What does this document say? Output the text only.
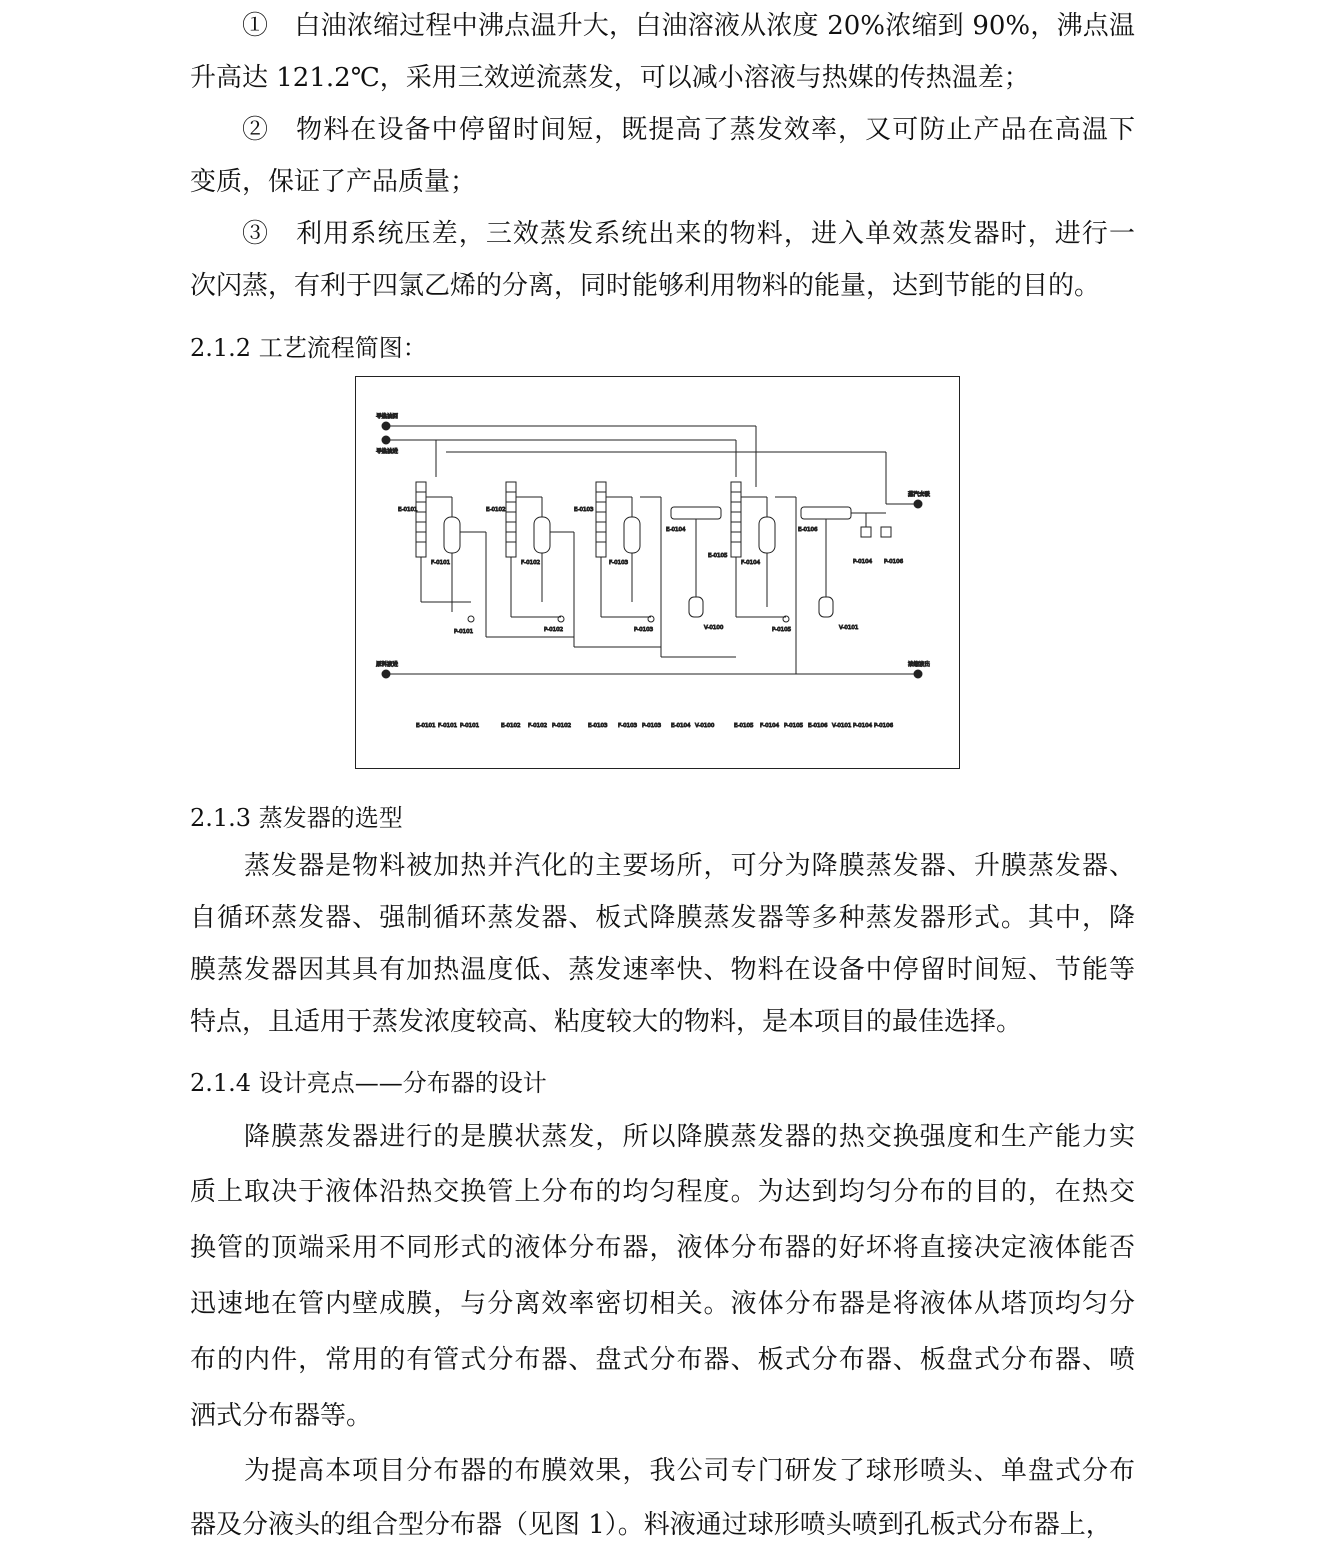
①　白油浓缩过程中沸点温升大，白油溶液从浓度 20%浓缩到 90%，沸点温
升高达 121.2℃，采用三效逆流蒸发，可以减小溶液与热媒的传热温差；
②　物料在设备中停留时间短，既提高了蒸发效率，又可防止产品在高温下
变质，保证了产品质量；
③　利用系统压差，三效蒸发系统出来的物料，进入单效蒸发器时，进行一
次闪蒸，有利于四氯乙烯的分离，同时能够利用物料的能量，达到节能的目的。
2.1.2 工艺流程简图：
导热油回
导热油进
原料液进
蒸汽去吸
浓缩液出
E-0101
F-0101
P-0101
E-0102
F-0102
P-0102
E-0103
F-0103
P-0103
E-0104
V-0100
E-0105
F-0104
P-0105
E-0106
V-0101
P-0104 P-0106
E-0101 F-0101 P-0101	E-0102 F-0102 P-0102	E-0103 F-0103 P-0103 E-0104 V-0100	E-0105 F-0104 P-0105 E-0106 V-0101 P-0104 P-0106
2.1.3 蒸发器的选型
　　蒸发器是物料被加热并汽化的主要场所，可分为降膜蒸发器、升膜蒸发器、
自循环蒸发器、强制循环蒸发器、板式降膜蒸发器等多种蒸发器形式。其中，降
膜蒸发器因其具有加热温度低、蒸发速率快、物料在设备中停留时间短、节能等
特点，且适用于蒸发浓度较高、粘度较大的物料，是本项目的最佳选择。
2.1.4 设计亮点——分布器的设计
　　降膜蒸发器进行的是膜状蒸发，所以降膜蒸发器的热交换强度和生产能力实
质上取决于液体沿热交换管上分布的均匀程度。为达到均匀分布的目的，在热交
换管的顶端采用不同形式的液体分布器，液体分布器的好坏将直接决定液体能否
迅速地在管内壁成膜，与分离效率密切相关。液体分布器是将液体从塔顶均匀分
布的内件，常用的有管式分布器、盘式分布器、板式分布器、板盘式分布器、喷
洒式分布器等。
　　为提高本项目分布器的布膜效果，我公司专门研发了球形喷头、单盘式分布
器及分液头的组合型分布器（见图 1）。料液通过球形喷头喷到孔板式分布器上，
